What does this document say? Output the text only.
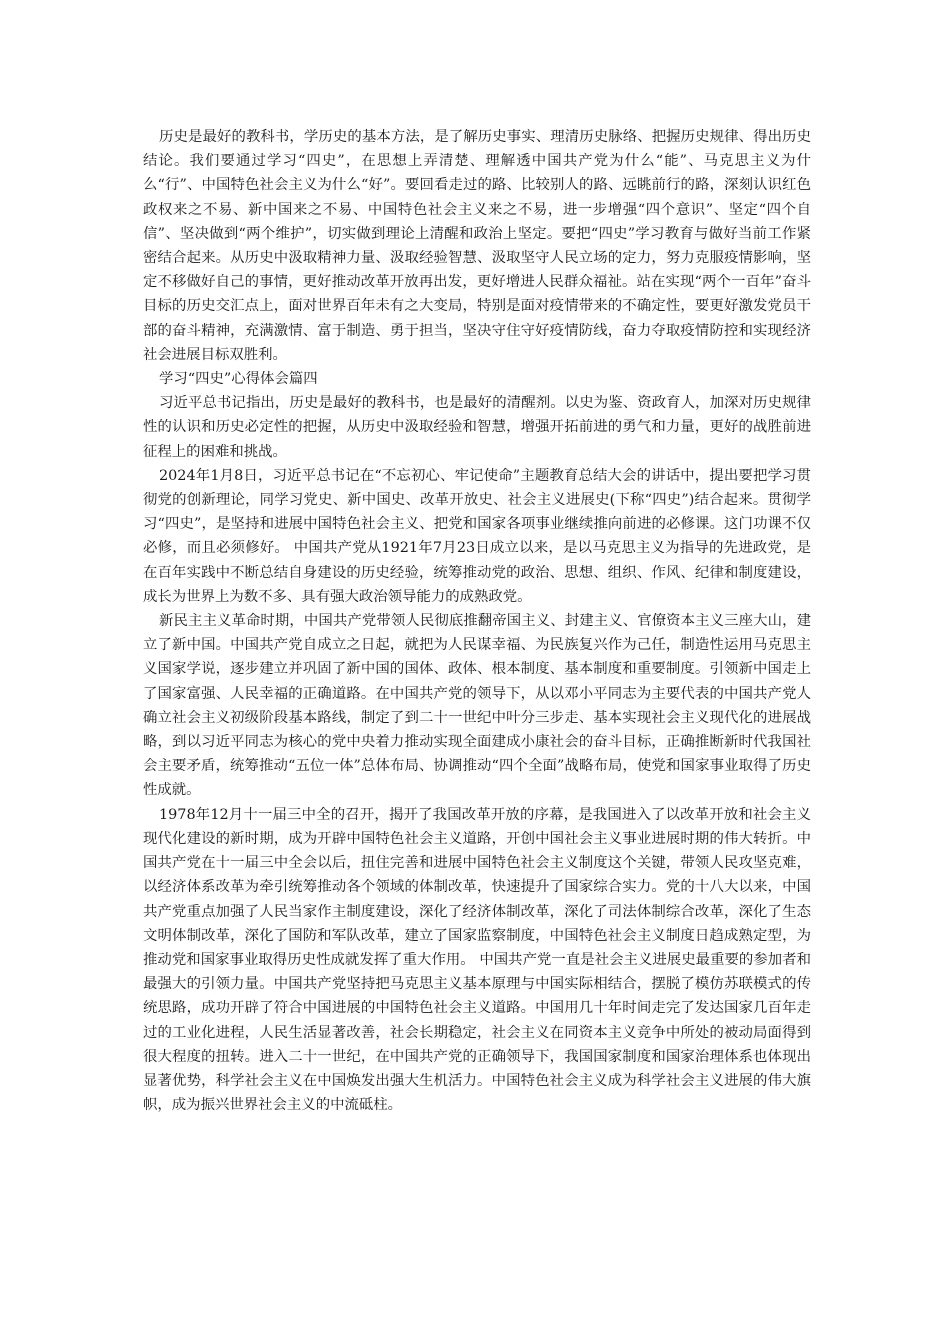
历史是最好的教科书，学历史的基本方法，是了解历史事实、理清历史脉络、把握历史规律、得出历史结论。我们要通过学习“四史”，在思想上弄清楚、理解透中国共产党为什么“能”、马克思主义为什么“行”、中国特色社会主义为什么“好”。要回看走过的路、比较别人的路、远眺前行的路，深刻认识红色政权来之不易、新中国来之不易、中国特色社会主义来之不易，进一步增强“四个意识”、坚定“四个自信”、坚决做到“两个维护”，切实做到理论上清醒和政治上坚定。要把“四史”学习教育与做好当前工作紧密结合起来。从历史中汲取精神力量、汲取经验智慧、汲取坚守人民立场的定力，努力克服疫情影响，坚定不移做好自己的事情，更好推动改革开放再出发，更好增进人民群众福祉。站在实现“两个一百年”奋斗目标的历史交汇点上，面对世界百年未有之大变局，特别是面对疫情带来的不确定性，要更好激发党员干部的奋斗精神，充满激情、富于制造、勇于担当，坚决守住守好疫情防线，奋力夺取疫情防控和实现经济社会进展目标双胜利。

学习“四史”心得体会篇四

习近平总书记指出，历史是最好的教科书，也是最好的清醒剂。以史为鉴、资政育人，加深对历史规律性的认识和历史必定性的把握，从历史中汲取经验和智慧，增强开拓前进的勇气和力量，更好的战胜前进征程上的困难和挑战。

2024年1月8日，习近平总书记在“不忘初心、牢记使命”主题教育总结大会的讲话中，提出要把学习贯彻党的创新理论，同学习党史、新中国史、改革开放史、社会主义进展史(下称“四史”)结合起来。贯彻学习“四史”，是坚持和进展中国特色社会主义、把党和国家各项事业继续推向前进的必修课。这门功课不仅必修，而且必须修好。 中国共产党从1921年7月23日成立以来，是以马克思主义为指导的先进政党，是在百年实践中不断总结自身建设的历史经验，统筹推动党的政治、思想、组织、作风、纪律和制度建设，成长为世界上为数不多、具有强大政治领导能力的成熟政党。

新民主主义革命时期，中国共产党带领人民彻底推翻帝国主义、封建主义、官僚资本主义三座大山，建立了新中国。中国共产党自成立之日起，就把为人民谋幸福、为民族复兴作为己任，制造性运用马克思主义国家学说，逐步建立并巩固了新中国的国体、政体、根本制度、基本制度和重要制度。引领新中国走上了国家富强、人民幸福的正确道路。在中国共产党的领导下，从以邓小平同志为主要代表的中国共产党人确立社会主义初级阶段基本路线，制定了到二十一世纪中叶分三步走、基本实现社会主义现代化的进展战略，到以习近平同志为核心的党中央着力推动实现全面建成小康社会的奋斗目标，正确推断新时代我国社会主要矛盾，统筹推动“五位一体”总体布局、协调推动“四个全面”战略布局，使党和国家事业取得了历史性成就。

1978年12月十一届三中全的召开，揭开了我国改革开放的序幕，是我国进入了以改革开放和社会主义现代化建设的新时期，成为开辟中国特色社会主义道路，开创中国社会主义事业进展时期的伟大转折。中国共产党在十一届三中全会以后，扭住完善和进展中国特色社会主义制度这个关键，带领人民攻坚克难，以经济体系改革为牵引统筹推动各个领域的体制改革，快速提升了国家综合实力。党的十八大以来，中国共产党重点加强了人民当家作主制度建设，深化了经济体制改革，深化了司法体制综合改革，深化了生态文明体制改革，深化了国防和军队改革，建立了国家监察制度，中国特色社会主义制度日趋成熟定型，为推动党和国家事业取得历史性成就发挥了重大作用。 中国共产党一直是社会主义进展史最重要的参加者和最强大的引领力量。中国共产党坚持把马克思主义基本原理与中国实际相结合，摆脱了模仿苏联模式的传统思路，成功开辟了符合中国进展的中国特色社会主义道路。中国用几十年时间走完了发达国家几百年走过的工业化进程，人民生活显著改善，社会长期稳定，社会主义在同资本主义竞争中所处的被动局面得到很大程度的扭转。进入二十一世纪，在中国共产党的正确领导下，我国国家制度和国家治理体系也体现出显著优势，科学社会主义在中国焕发出强大生机活力。中国特色社会主义成为科学社会主义进展的伟大旗帜，成为振兴世界社会主义的中流砥柱。
